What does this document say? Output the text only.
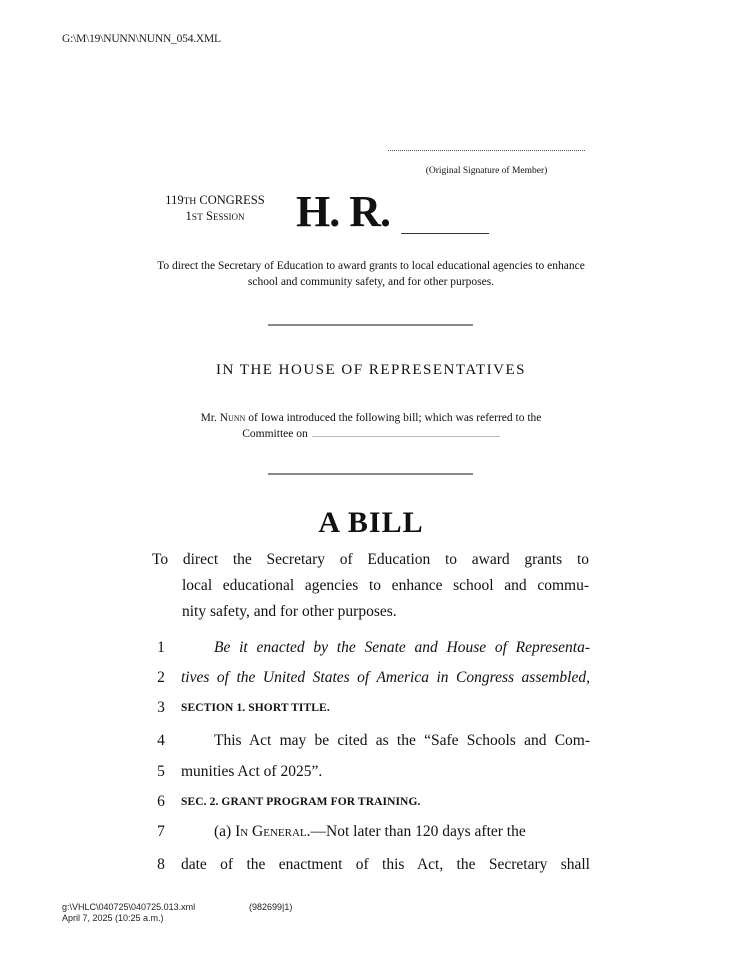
G:\M\19\NUNN\NUNN_054.XML
(Original Signature of Member)
119TH CONGRESS
1ST Session	H. R.
To direct the Secretary of Education to award grants to local educational agencies to enhance school and community safety, and for other purposes.
IN THE HOUSE OF REPRESENTATIVES
Mr. Nunn of Iowa introduced the following bill; which was referred to the
Committee on
A BILL
To direct the Secretary of Education to award grants to
local educational agencies to enhance school and commu-
nity safety, and for other purposes.
1	Be it enacted by the Senate and House of Representa-
2	tives of the United States of America in Congress assembled,
3	SECTION 1. SHORT TITLE.
4	This Act may be cited as the “Safe Schools and Com-
5	munities Act of 2025”.
6	SEC. 2. GRANT PROGRAM FOR TRAINING.
7	(a) In General.—Not later than 120 days after the
8	date of the enactment of this Act, the Secretary shall
g:\VHLC\040725\040725.013.xml	(982699|1)
April 7, 2025 (10:25 a.m.)
